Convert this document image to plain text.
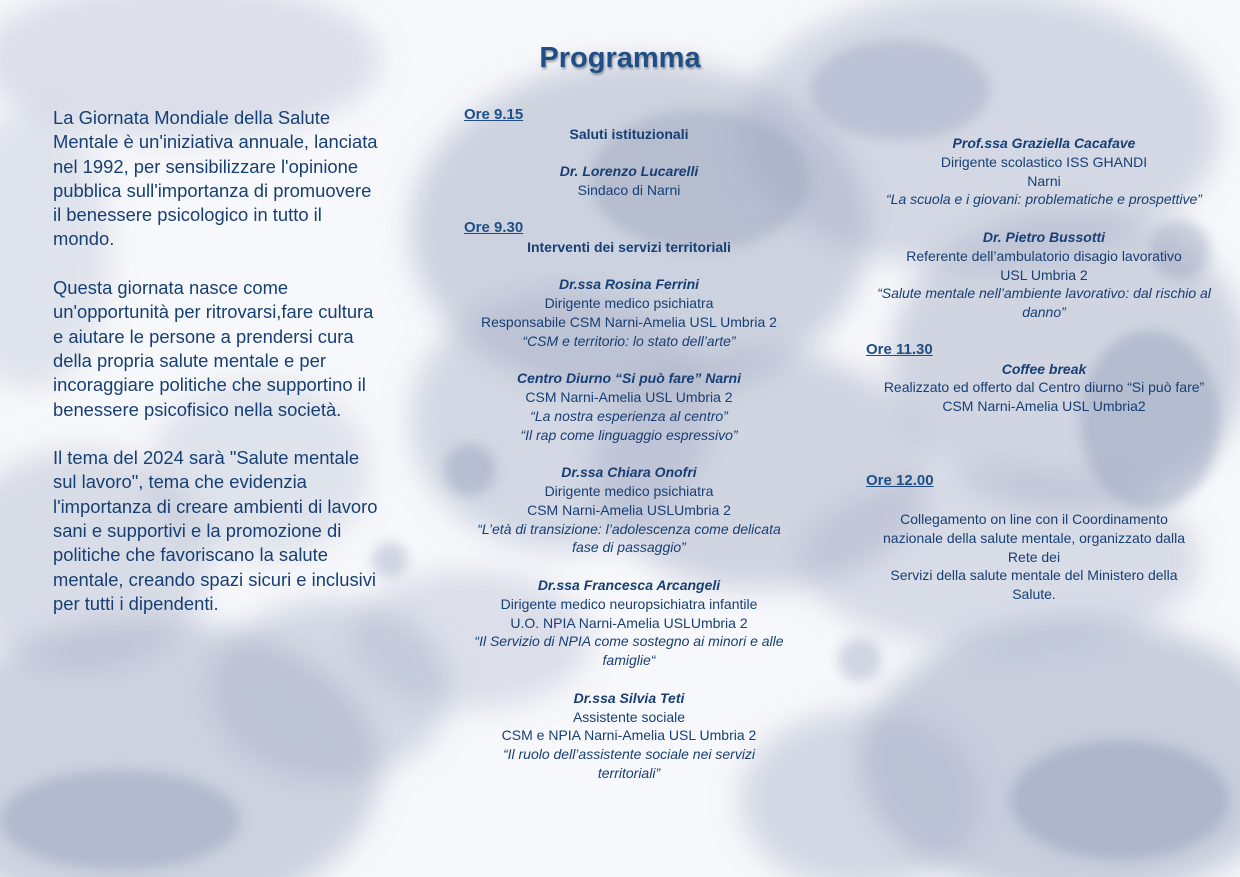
Programma

La Giornata Mondiale della Salute Mentale è un'iniziativa annuale, lanciata nel 1992, per sensibilizzare l'opinione pubblica sull'importanza di promuovere il benessere psicologico in tutto il mondo.

Questa giornata nasce come un'opportunità per ritrovarsi,fare cultura e aiutare le persone a prendersi cura della propria salute mentale e per incoraggiare politiche che supportino il benessere psicofisico nella società.

Il tema del 2024 sarà "Salute mentale sul lavoro", tema che evidenzia l'importanza di creare ambienti di lavoro sani e supportivi e la promozione di politiche che favoriscano la salute mentale, creando spazi sicuri e inclusivi per tutti i dipendenti.

Ore 9.15
Saluti istituzionali
Dr. Lorenzo Lucarelli
Sindaco di Narni
Ore 9.30
Interventi dei servizi territoriali
Dr.ssa Rosina Ferrini
Dirigente medico psichiatra
Responsabile CSM Narni-Amelia USL Umbria 2
“CSM e territorio: lo stato dell’arte”
Centro Diurno “Si può fare” Narni
CSM Narni-Amelia USL Umbria 2
“La nostra esperienza al centro”
“Il rap come linguaggio espressivo”
Dr.ssa Chiara Onofri
Dirigente medico psichiatra
CSM Narni-Amelia USLUmbria 2
“L’età di transizione: l’adolescenza come delicata
fase di passaggio”
Dr.ssa Francesca Arcangeli
Dirigente medico neuropsichiatra infantile
U.O. NPIA Narni-Amelia USLUmbria 2
“Il Servizio di NPIA come sostegno ai minori e alle
famiglie“
Dr.ssa Silvia Teti
Assistente sociale
CSM e NPIA Narni-Amelia USL Umbria 2
“Il ruolo dell’assistente sociale nei servizi
territoriali”
Prof.ssa Graziella Cacafave
Dirigente scolastico ISS GHANDI
Narni
“La scuola e i giovani: problematiche e prospettive”
Dr. Pietro Bussotti
Referente dell’ambulatorio disagio lavorativo
USL Umbria 2
“Salute mentale nell’ambiente lavorativo: dal rischio al
danno”
Ore 11.30
Coffee break
Realizzato ed offerto dal Centro diurno “Si può fare”
CSM Narni-Amelia USL Umbria2
Ore 12.00
Collegamento on line con il Coordinamento
nazionale della salute mentale, organizzato dalla
Rete dei
Servizi della salute mentale del Ministero della
Salute.
